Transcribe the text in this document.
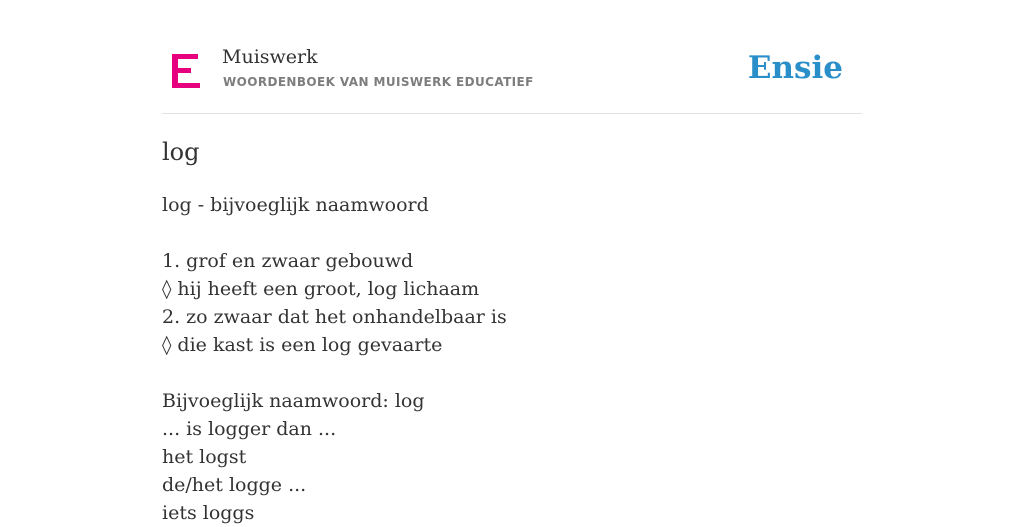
Muiswerk
WOORDENBOEK VAN MUISWERK EDUCATIEF	Ensie
log
log - bijvoeglijk naamwoord
1. grof en zwaar gebouwd
◊ hij heeft een groot, log lichaam
2. zo zwaar dat het onhandelbaar is
◊ die kast is een log gevaarte
Bijvoeglijk naamwoord: log
... is logger dan ...
het logst
de/het logge ...
iets loggs
